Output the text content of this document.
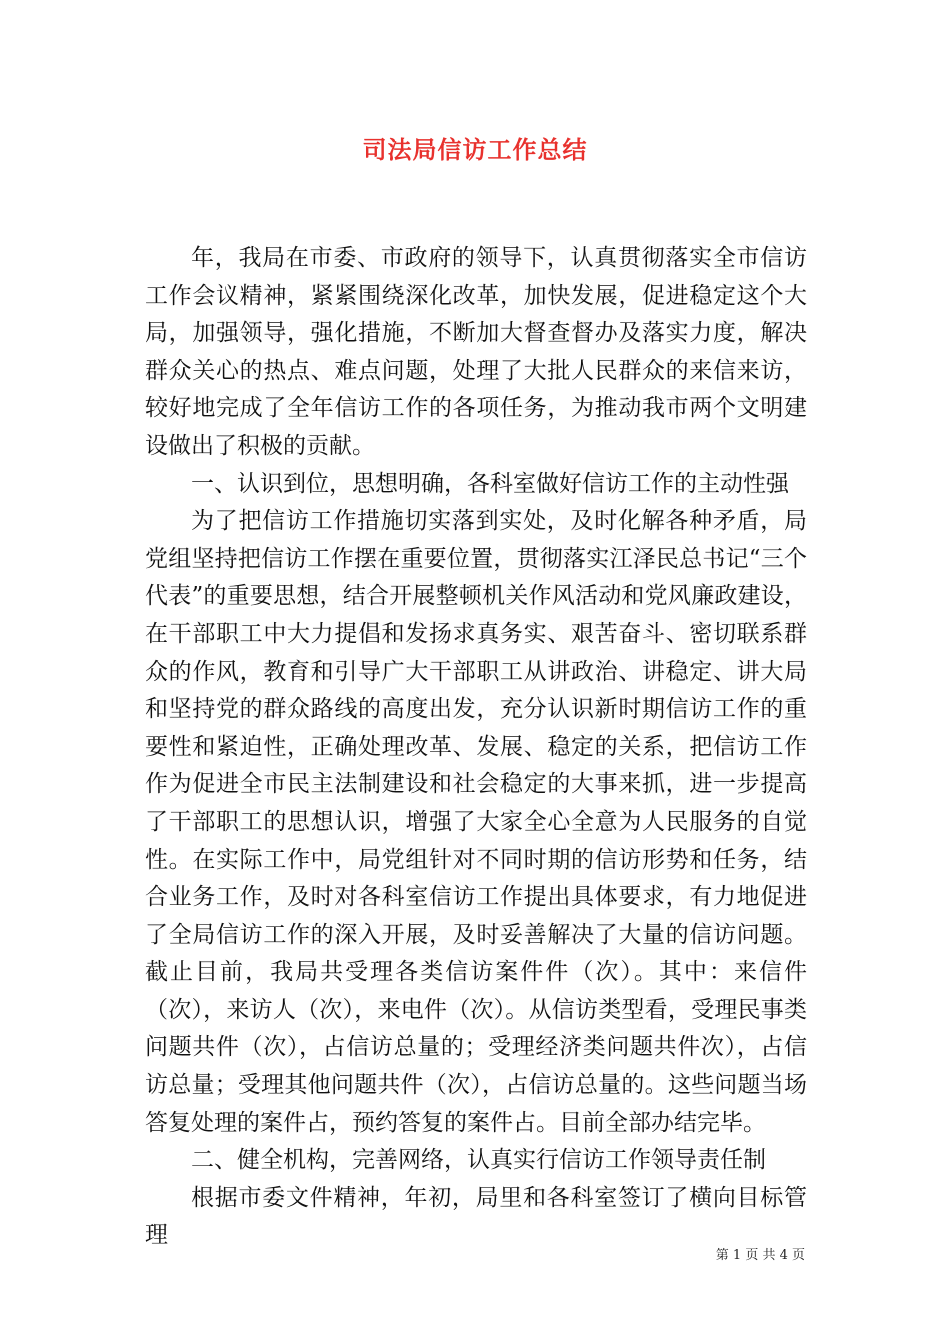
司法局信访工作总结

年，我局在市委、市政府的领导下，认真贯彻落实全市信访工作会议精神，紧紧围绕深化改革，加快发展，促进稳定这个大局，加强领导，强化措施，不断加大督查督办及落实力度，解决群众关心的热点、难点问题，处理了大批人民群众的来信来访，较好地完成了全年信访工作的各项任务，为推动我市两个文明建设做出了积极的贡献。

一、认识到位，思想明确，各科室做好信访工作的主动性强

为了把信访工作措施切实落到实处，及时化解各种矛盾，局党组坚持把信访工作摆在重要位置，贯彻落实江泽民总书记“三个代表”的重要思想，结合开展整顿机关作风活动和党风廉政建设，在干部职工中大力提倡和发扬求真务实、艰苦奋斗、密切联系群众的作风，教育和引导广大干部职工从讲政治、讲稳定、讲大局和坚持党的群众路线的高度出发，充分认识新时期信访工作的重要性和紧迫性，正确处理改革、发展、稳定的关系，把信访工作作为促进全市民主法制建设和社会稳定的大事来抓，进一步提高了干部职工的思想认识，增强了大家全心全意为人民服务的自觉性。在实际工作中，局党组针对不同时期的信访形势和任务，结合业务工作，及时对各科室信访工作提出具体要求，有力地促进了全局信访工作的深入开展，及时妥善解决了大量的信访问题。截止目前，我局共受理各类信访案件件（次）。其中：来信件（次），来访人（次），来电件（次）。从信访类型看，受理民事类问题共件（次），占信访总量的；受理经济类问题共件次），占信访总量；受理其他问题共件（次），占信访总量的。这些问题当场答复处理的案件占，预约答复的案件占。目前全部办结完毕。

二、健全机构，完善网络，认真实行信访工作领导责任制

根据市委文件精神，年初，局里和各科室签订了横向目标管理

第 1 页 共 4 页
